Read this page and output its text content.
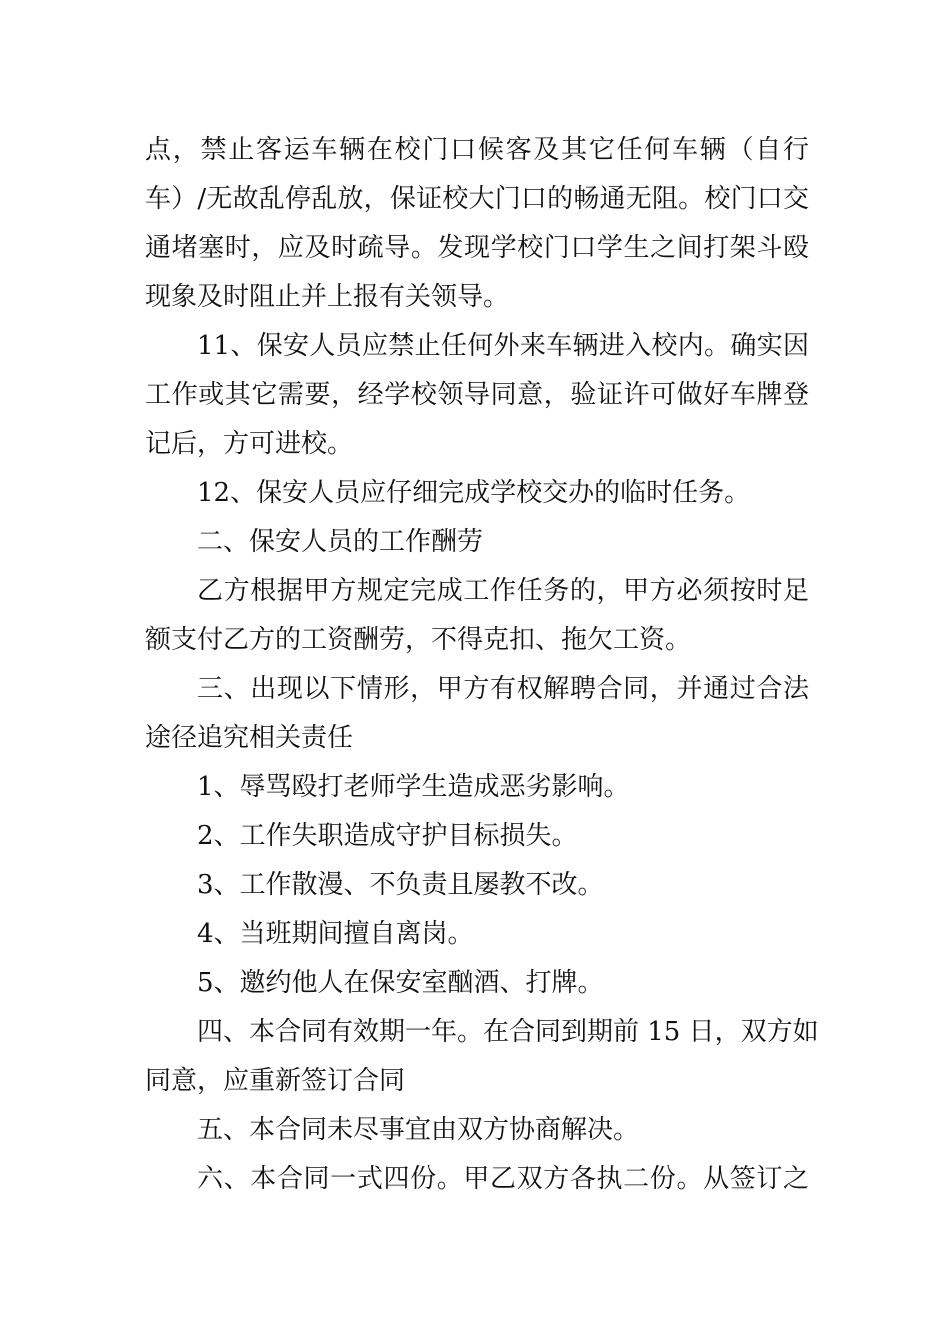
点，禁止客运车辆在校门口候客及其它任何车辆（自行
车）/无故乱停乱放，保证校大门口的畅通无阻。校门口交
通堵塞时，应及时疏导。发现学校门口学生之间打架斗殴
现象及时阻止并上报有关领导。
11、保安人员应禁止任何外来车辆进入校内。确实因
工作或其它需要，经学校领导同意，验证许可做好车牌登
记后，方可进校。
12、保安人员应仔细完成学校交办的临时任务。
二、保安人员的工作酬劳
乙方根据甲方规定完成工作任务的，甲方必须按时足
额支付乙方的工资酬劳，不得克扣、拖欠工资。
三、出现以下情形，甲方有权解聘合同，并通过合法
途径追究相关责任
1、辱骂殴打老师学生造成恶劣影响。
2、工作失职造成守护目标损失。
3、工作散漫、不负责且屡教不改。
4、当班期间擅自离岗。
5、邀约他人在保安室酗酒、打牌。
四、本合同有效期一年。在合同到期前 15 日，双方如
同意，应重新签订合同
五、本合同未尽事宜由双方协商解决。
六、本合同一式四份。甲乙双方各执二份。从签订之
